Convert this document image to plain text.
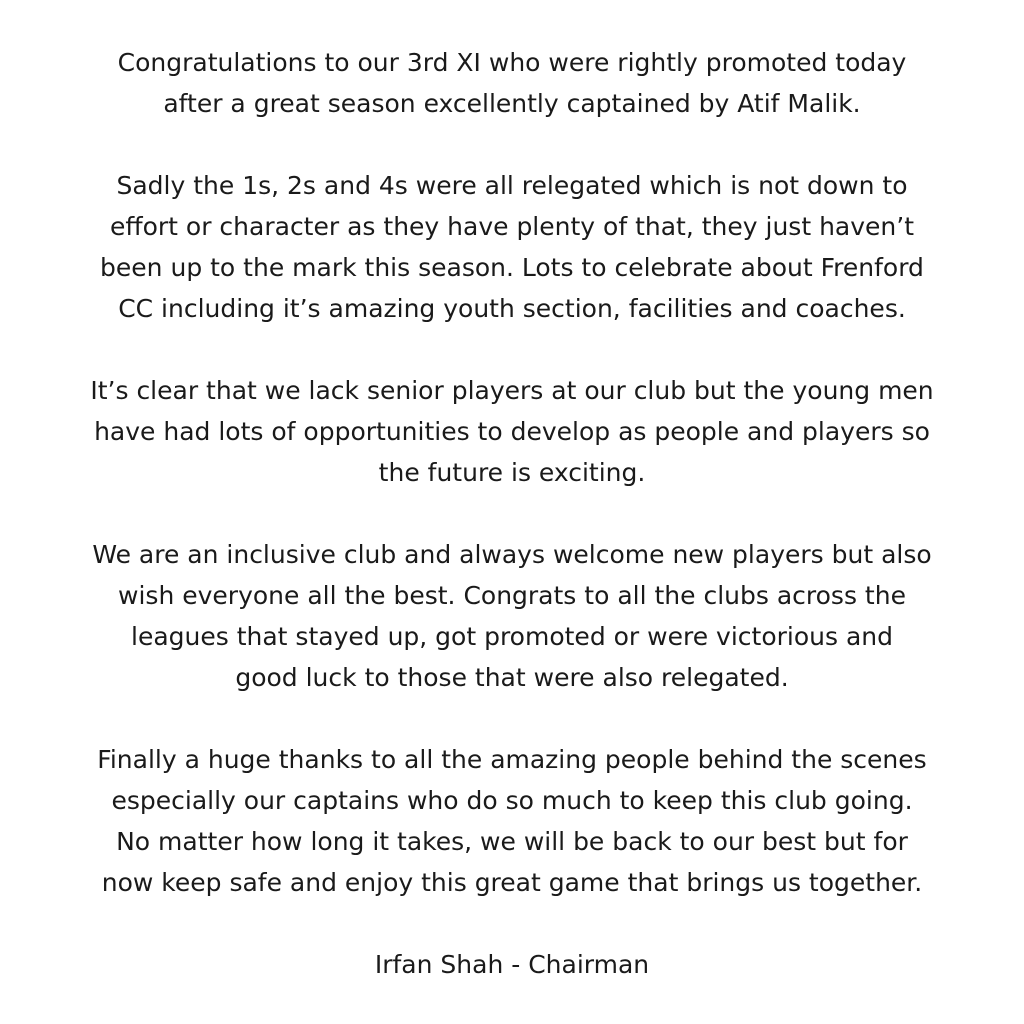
Congratulations to our 3rd XI who were rightly promoted today
after a great season excellently captained by Atif Malik.
Sadly the 1s, 2s and 4s were all relegated which is not down to
effort or character as they have plenty of that, they just haven’t
been up to the mark this season. Lots to celebrate about Frenford
CC including it’s amazing youth section, facilities and coaches.
It’s clear that we lack senior players at our club but the young men
have had lots of opportunities to develop as people and players so
the future is exciting.
We are an inclusive club and always welcome new players but also
wish everyone all the best. Congrats to all the clubs across the
leagues that stayed up, got promoted or were victorious and
good luck to those that were also relegated.
Finally a huge thanks to all the amazing people behind the scenes
especially our captains who do so much to keep this club going.
No matter how long it takes, we will be back to our best but for
now keep safe and enjoy this great game that brings us together.

Irfan Shah - Chairman
